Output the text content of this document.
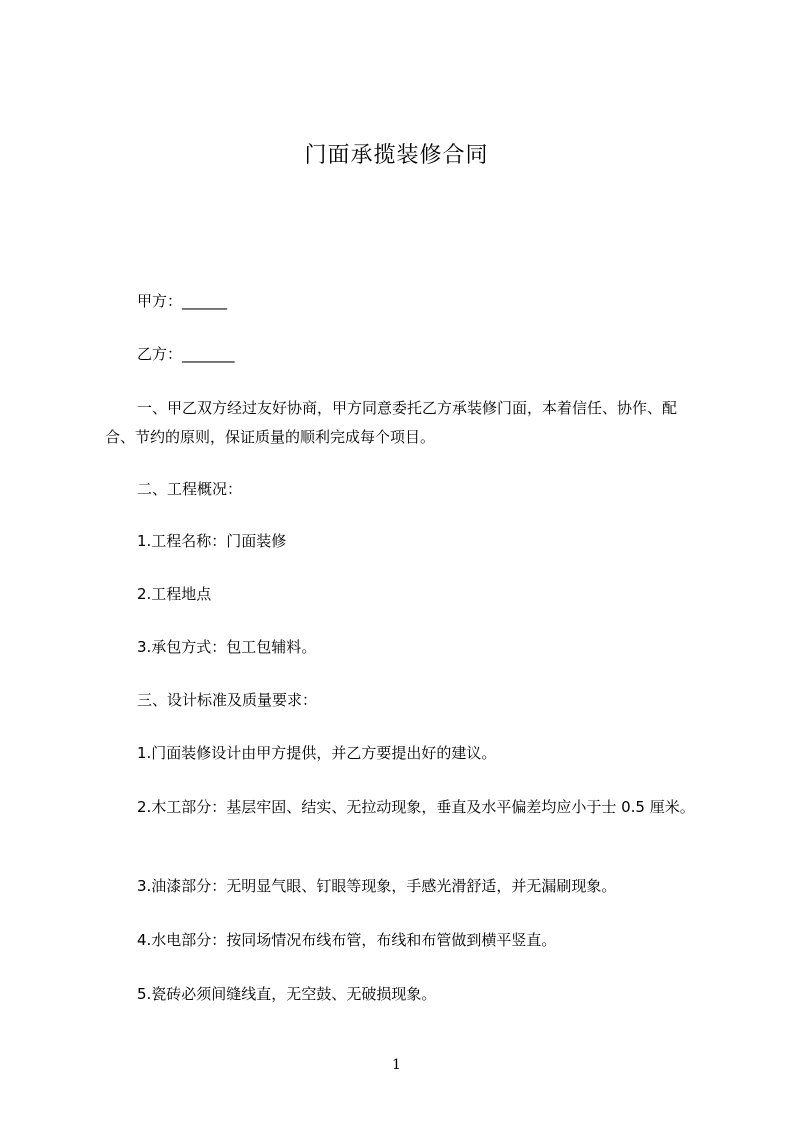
门面承揽装修合同
甲方：______
乙方：_______
一、甲乙双方经过友好协商，甲方同意委托乙方承装修门面，本着信任、协作、配合、节约的原则，保证质量的顺利完成每个项目。
二、工程概况：
1.工程名称：门面装修
2.工程地点
3.承包方式：包工包辅料。
三、设计标准及质量要求：
1.门面装修设计由甲方提供，并乙方要提出好的建议。
2.木工部分：基层牢固、结实、无拉动现象，垂直及水平偏差均应小于士 0.5 厘米。
3.油漆部分：无明显气眼、钉眼等现象，手感光滑舒适，并无漏刷现象。
4.水电部分：按同场情况布线布管，布线和布管做到横平竖直。
5.瓷砖必须间缝线直，无空鼓、无破损现象。
1
